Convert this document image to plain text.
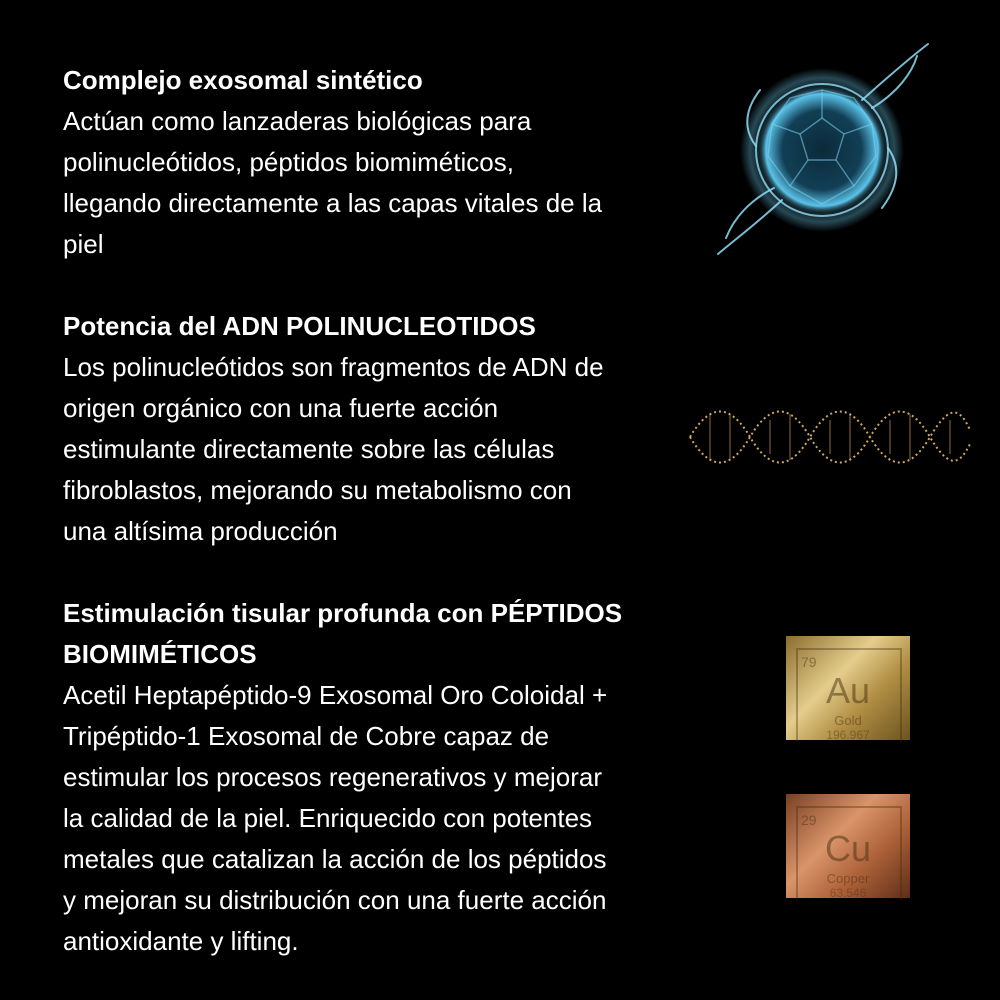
Complejo exosomal sintético

Actúan como lanzaderas biológicas para

polinucleótidos, péptidos biomiméticos,

llegando directamente a las capas vitales de la

piel

Potencia del ADN POLINUCLEOTIDOS

Los polinucleótidos son fragmentos de ADN de

origen orgánico con una fuerte acción

estimulante directamente sobre las células

fibroblastos, mejorando su metabolismo con

una altísima producción

Estimulación tisular profunda con PÉPTIDOS

BIOMIMÉTICOS

Acetil Heptapéptido-9 Exosomal Oro Coloidal +

Tripéptido-1 Exosomal de Cobre capaz de

estimular los procesos regenerativos y mejorar

la calidad de la piel. Enriquecido con potentes

metales que catalizan la acción de los péptidos

y mejoran su distribución con una fuerte acción

antioxidante y lifting.

79
Au
Gold
196.967
29
Cu
Copper
63.546
